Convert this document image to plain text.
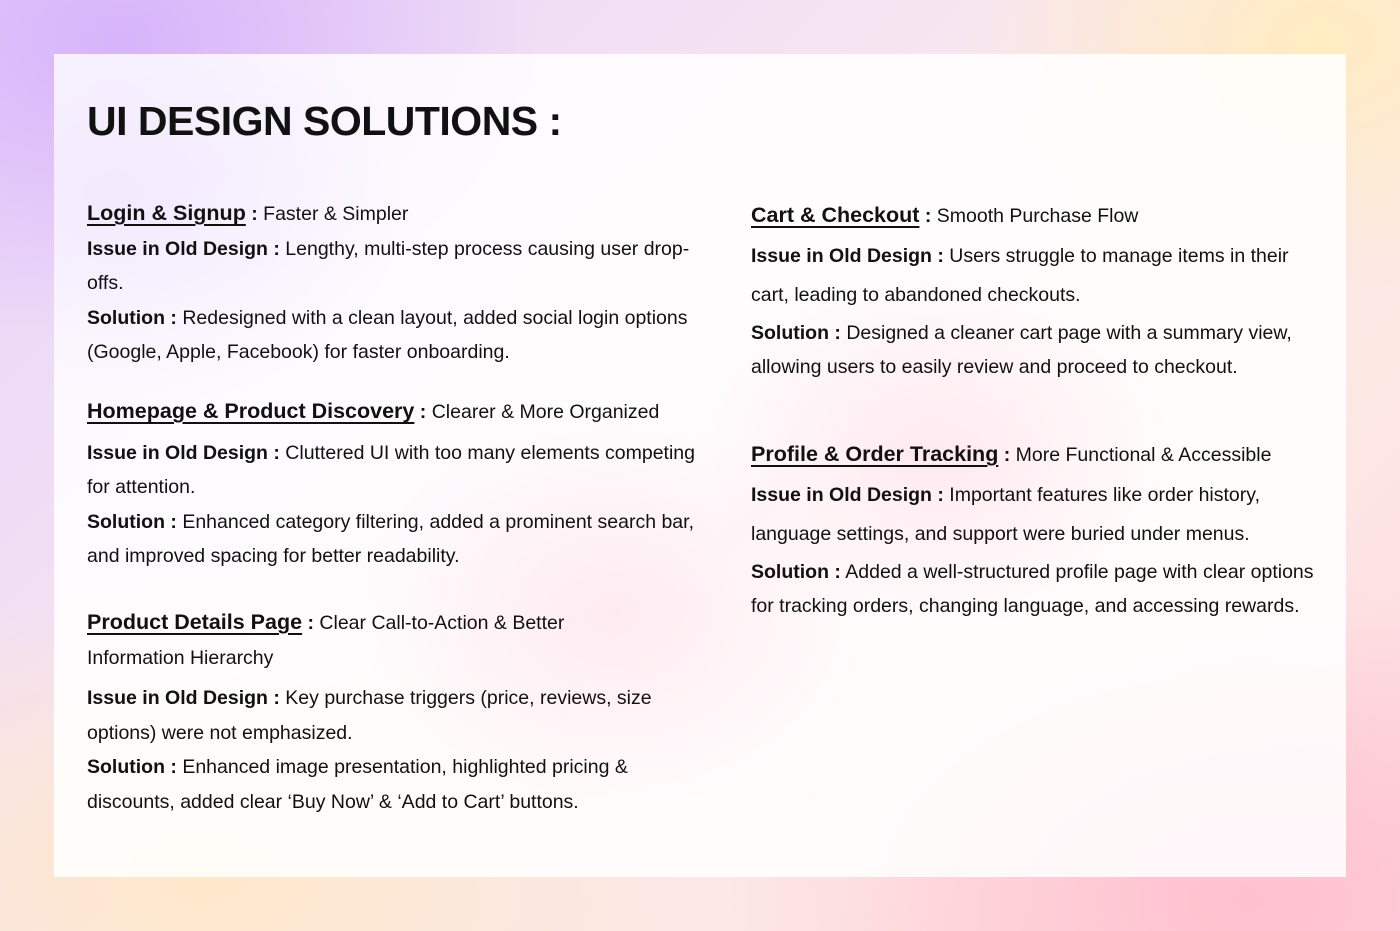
UI DESIGN SOLUTIONS :

Login & Signup : Faster & Simpler

Issue in Old Design : Lengthy, multi-step process causing user drop-offs.

Solution : Redesigned with a clean layout, added social login options (Google, Apple, Facebook) for faster onboarding.

Homepage & Product Discovery : Clearer & More Organized

Issue in Old Design : Cluttered UI with too many elements competing for attention.

Solution : Enhanced category filtering, added a prominent search bar, and improved spacing for better readability.

Product Details Page : Clear Call-to-Action & Better Information Hierarchy

Issue in Old Design : Key purchase triggers (price, reviews, size options) were not emphasized.

Solution : Enhanced image presentation, highlighted pricing & discounts, added clear ‘Buy Now’ & ‘Add to Cart’ buttons.

Cart & Checkout : Smooth Purchase Flow

Issue in Old Design : Users struggle to manage items in their cart, leading to abandoned checkouts.

Solution : Designed a cleaner cart page with a summary view, allowing users to easily review and proceed to checkout.

Profile & Order Tracking : More Functional & Accessible

Issue in Old Design : Important features like order history, language settings, and support were buried under menus.

Solution : Added a well-structured profile page with clear options for tracking orders, changing language, and accessing rewards.
